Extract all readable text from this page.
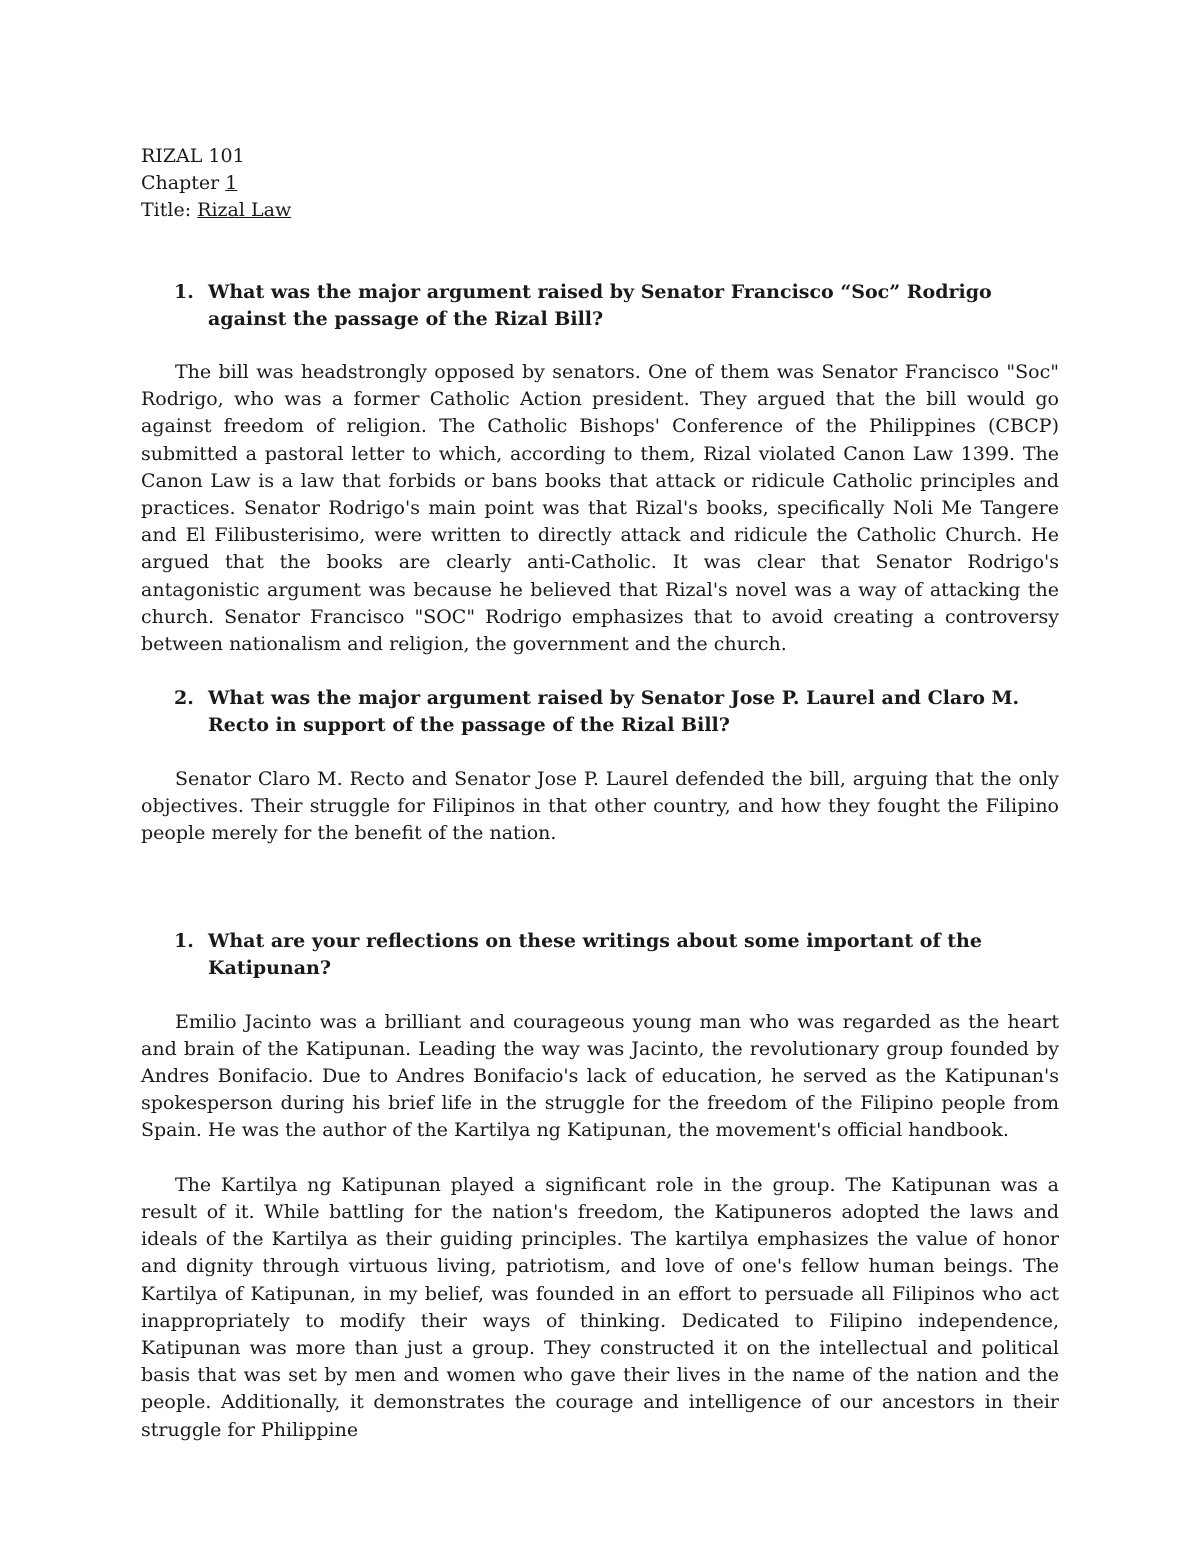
RIZAL 101

Chapter 1

Title: Rizal Law

1. What was the major argument raised by Senator Francisco “Soc” Rodrigo against the passage of the Rizal Bill?

The bill was headstrongly opposed by senators. One of them was Senator Francisco "Soc" Rodrigo, who was a former Catholic Action president. They argued that the bill would go against freedom of religion. The Catholic Bishops' Conference of the Philippines (CBCP) submitted a pastoral letter to which, according to them, Rizal violated Canon Law 1399. The Canon Law is a law that forbids or bans books that attack or ridicule Catholic principles and practices. Senator Rodrigo's main point was that Rizal's books, specifically Noli Me Tangere and El Filibusterisimo, were written to directly attack and ridicule the Catholic Church. He argued that the books are clearly anti-Catholic. It was clear that Senator Rodrigo's antagonistic argument was because he believed that Rizal's novel was a way of attacking the church. Senator Francisco "SOC" Rodrigo emphasizes that to avoid creating a controversy between nationalism and religion, the government and the church.

2. What was the major argument raised by Senator Jose P. Laurel and Claro M. Recto in support of the passage of the Rizal Bill?

Senator Claro M. Recto and Senator Jose P. Laurel defended the bill, arguing that the only objectives. Their struggle for Filipinos in that other country, and how they fought the Filipino people merely for the benefit of the nation.

1. What are your reflections on these writings about some important of the Katipunan?

Emilio Jacinto was a brilliant and courageous young man who was regarded as the heart and brain of the Katipunan. Leading the way was Jacinto, the revolutionary group founded by Andres Bonifacio. Due to Andres Bonifacio's lack of education, he served as the Katipunan's spokesperson during his brief life in the struggle for the freedom of the Filipino people from Spain. He was the author of the Kartilya ng Katipunan, the movement's official handbook.

The Kartilya ng Katipunan played a significant role in the group. The Katipunan was a result of it. While battling for the nation's freedom, the Katipuneros adopted the laws and ideals of the Kartilya as their guiding principles. The kartilya emphasizes the value of honor and dignity through virtuous living, patriotism, and love of one's fellow human beings. The Kartilya of Katipunan, in my belief, was founded in an effort to persuade all Filipinos who act inappropriately to modify their ways of thinking. Dedicated to Filipino independence, Katipunan was more than just a group. They constructed it on the intellectual and political basis that was set by men and women who gave their lives in the name of the nation and the people. Additionally, it demonstrates the courage and intelligence of our ancestors in their struggle for Philippine
